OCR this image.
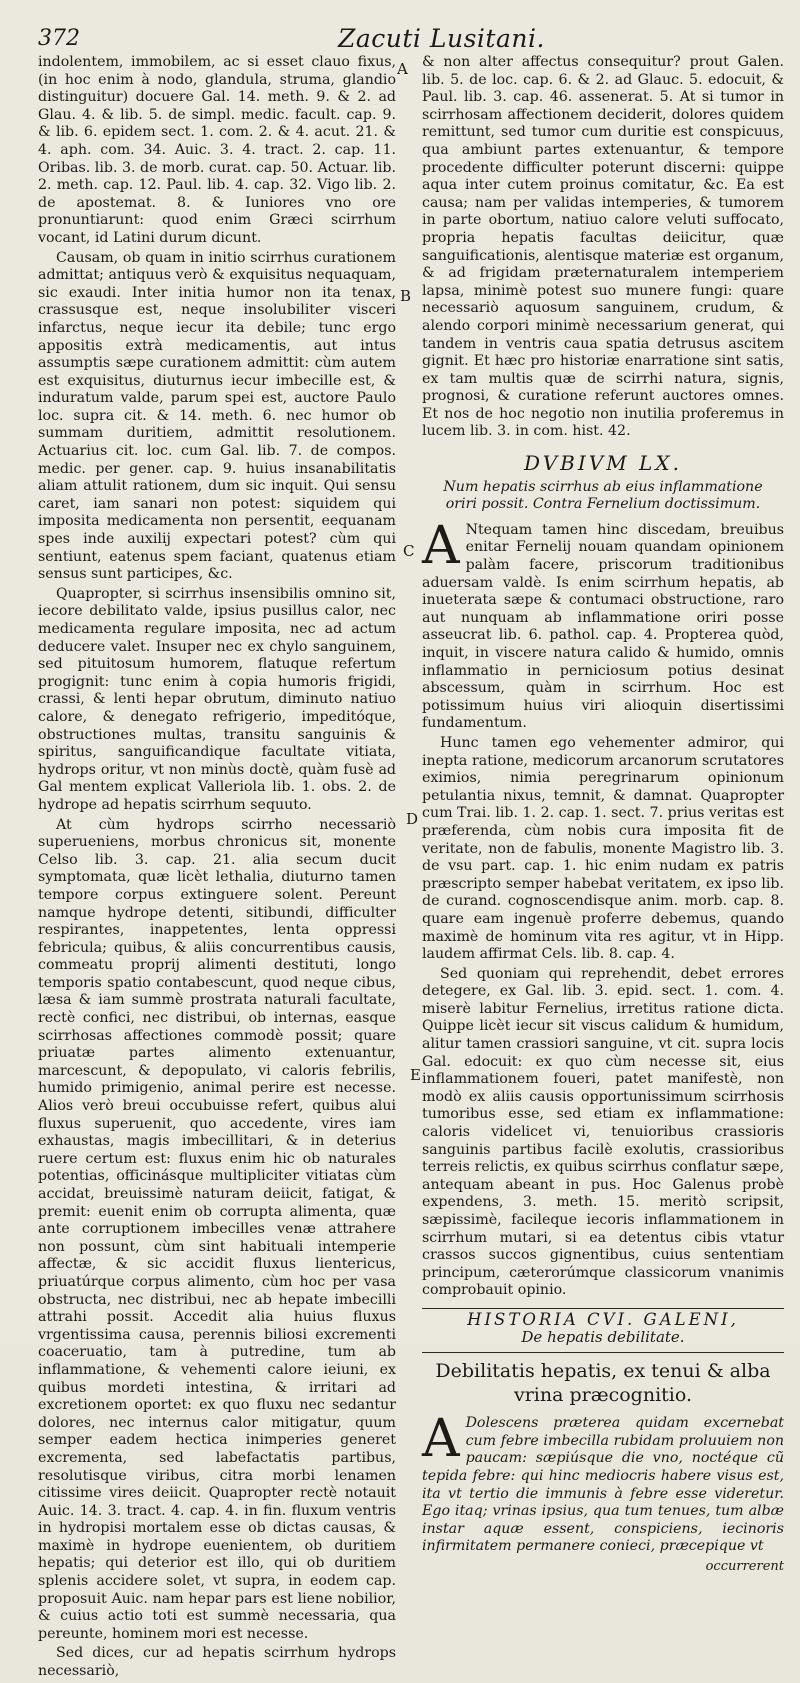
372	Zacuti Lusitani.
A
B
C
D
E

indolentem, immobilem, ac si esset clauo fixus, (in hoc enim à nodo, glandula, struma, glandio distinguitur) docuere Gal. 14. meth. 9. & 2. ad Glau. 4. & lib. 5. de simpl. medic. facult. cap. 9. & lib. 6. epidem sect. 1. com. 2. & 4. acut. 21. & 4. aph. com. 34. Auic. 3. 4. tract. 2. cap. 11. Oribas. lib. 3. de morb. curat. cap. 50. Actuar. lib. 2. meth. cap. 12. Paul. lib. 4. cap. 32. Vigo lib. 2. de apostemat. 8. & Iuniores vno ore pronuntiarunt: quod enim Græci scirrhum vocant, id Latini durum dicunt.

Causam, ob quam in initio scirrhus curationem admittat; antiquus verò & exquisitus nequaquam, sic exaudi. Inter initia humor non ita tenax, crassusque est, neque insolubiliter visceri infarctus, neque iecur ita debile; tunc ergo appositis extrà medicamentis, aut intus assumptis sæpe curationem admittit: cùm autem est exquisitus, diuturnus iecur imbecille est, & induratum valde, parum spei est, auctore Paulo loc. supra cit. & 14. meth. 6. nec humor ob summam duritiem, admittit resolutionem. Actuarius cit. loc. cum Gal. lib. 7. de compos. medic. per gener. cap. 9. huius insanabilitatis aliam attulit rationem, dum sic inquit. Qui sensu caret, iam sanari non potest: siquidem qui imposita medicamenta non persentit, eequanam spes inde auxilij expectari potest? cùm qui sentiunt, eatenus spem faciant, quatenus etiam sensus sunt participes, &c.

Quapropter, si scirrhus insensibilis omnino sit, iecore debilitato valde, ipsius pusillus calor, nec medicamenta regulare imposita, nec ad actum deducere valet. Insuper nec ex chylo sanguinem, sed pituitosum humorem, flatuque refertum progignit: tunc enim à copia humoris frigidi, crassi, & lenti hepar obrutum, diminuto natiuo calore, & denegato refrigerio, impeditóque, obstructiones multas, transitu sanguinis & spiritus, sanguificandique facultate vitiata, hydrops oritur, vt non minùs doctè, quàm fusè ad Gal mentem explicat Valleriola lib. 1. obs. 2. de hydrope ad hepatis scirrhum sequuto.

At cùm hydrops scirrho necessariò superueniens, morbus chronicus sit, monente Celso lib. 3. cap. 21. alia secum ducit symptomata, quæ licèt lethalia, diuturno tamen tempore corpus extinguere solent. Pereunt namque hydrope detenti, sitibundi, difficulter respirantes, inappetentes, lenta oppressi febricula; quibus, & aliis concurrentibus causis, commeatu proprij alimenti destituti, longo temporis spatio contabescunt, quod neque cibus, læsa & iam summè prostrata naturali facultate, rectè confici, nec distribui, ob internas, easque scirrhosas affectiones commodè possit; quare priuatæ partes alimento extenuantur, marcescunt, & depopulato, vi caloris febrilis, humido primigenio, animal perire est necesse. Alios verò breui occubuisse refert, quibus alui fluxus superuenit, quo accedente, vires iam exhaustas, magis imbecillitari, & in deterius ruere certum est: fluxus enim hic ob naturales potentias, officinásque multipliciter vitiatas cùm accidat, breuissimè naturam deiicit, fatigat, & premit: euenit enim ob corrupta alimenta, quæ ante corruptionem imbecilles venæ attrahere non possunt, cùm sint habituali intemperie affectæ, & sic accidit fluxus lientericus, priuatúrque corpus alimento, cùm hoc per vasa obstructa, nec distribui, nec ab hepate imbecilli attrahi possit. Accedit alia huius fluxus vrgentissima causa, perennis biliosi excrementi coaceruatio, tam à putredine, tum ab inflammatione, & vehementi calore ieiuni, ex quibus mordeti intestina, & irritari ad excretionem oportet: ex quo fluxu nec sedantur dolores, nec internus calor mitigatur, quum semper eadem hectica inimperies generet excrementa, sed labefactatis partibus, resolutisque viribus, citra morbi lenamen citissime vires deiicit. Quapropter rectè notauit Auic. 14. 3. tract. 4. cap. 4. in fin. fluxum ventris in hydropisi mortalem esse ob dictas causas, & maximè in hydrope euenientem, ob duritiem hepatis; qui deterior est illo, qui ob duritiem splenis accidere solet, vt supra, in eodem cap. proposuit Auic. nam hepar pars est liene nobilior, & cuius actio toti est summè necessaria, qua pereunte, hominem mori est necesse.

Sed dices, cur ad hepatis scirrhum hydrops necessariò,

& non alter affectus consequitur? prout Galen. lib. 5. de loc. cap. 6. & 2. ad Glauc. 5. edocuit, & Paul. lib. 3. cap. 46. assenerat. 5. At si tumor in scirrhosam affectionem deciderit, dolores quidem remittunt, sed tumor cum duritie est conspicuus, qua ambiunt partes extenuantur, & tempore procedente difficulter poterunt discerni: quippe aqua inter cutem proinus comitatur, &c. Ea est causa; nam per validas intemperies, & tumorem in parte obortum, natiuo calore veluti suffocato, propria hepatis facultas deiicitur, quæ sanguificationis, alentisque materiæ est organum, & ad frigidam præternaturalem intemperiem lapsa, minimè potest suo munere fungi: quare necessariò aquosum sanguinem, crudum, & alendo corpori minimè necessarium generat, qui tandem in ventris caua spatia detrusus ascitem gignit. Et hæc pro historiæ enarratione sint satis, ex tam multis quæ de scirrhi natura, signis, prognosi, & curatione referunt auctores omnes. Et nos de hoc negotio non inutilia proferemus in lucem lib. 3. in com. hist. 42.

DVBIVM LX.

Num hepatis scirrhus ab eius inflammatione oriri possit. Contra Fernelium doctissimum.

A Ntequam tamen hinc discedam, breuibus enitar Fernelij nouam quandam opinionem palàm facere, priscorum traditionibus aduersam valdè. Is enim scirrhum hepatis, ab inueterata sæpe & contumaci obstructione, raro aut nunquam ab inflammatione oriri posse asseucrat lib. 6. pathol. cap. 4. Propterea quòd, inquit, in viscere natura calido & humido, omnis inflammatio in perniciosum potius desinat abscessum, quàm in scirrhum. Hoc est potissimum huius viri alioquin disertissimi fundamentum.

Hunc tamen ego vehementer admiror, qui inepta ratione, medicorum arcanorum scrutatores eximios, nimia peregrinarum opinionum petulantia nixus, temnit, & damnat. Quapropter cum Trai. lib. 1. 2. cap. 1. sect. 7. prius veritas est præferenda, cùm nobis cura imposita fit de veritate, non de fabulis, monente Magistro lib. 3. de vsu part. cap. 1. hic enim nudam ex patris præscripto semper habebat veritatem, ex ipso lib. de curand. cognoscendisque anim. morb. cap. 8. quare eam ingenuè proferre debemus, quando maximè de hominum vita res agitur, vt in Hipp. laudem affirmat Cels. lib. 8. cap. 4.

Sed quoniam qui reprehendit, debet errores detegere, ex Gal. lib. 3. epid. sect. 1. com. 4. miserè labitur Fernelius, irretitus ratione dicta. Quippe licèt iecur sit viscus calidum & humidum, alitur tamen crassiori sanguine, vt cit. supra locis Gal. edocuit: ex quo cùm necesse sit, eius inflammationem foueri, patet manifestè, non modò ex aliis causis opportunissimum scirrhosis tumoribus esse, sed etiam ex inflammatione: caloris videlicet vi, tenuioribus crassioris sanguinis partibus facilè exolutis, crassioribus terreis relictis, ex quibus scirrhus conflatur sæpe, antequam abeant in pus. Hoc Galenus probè expendens, 3. meth. 15. meritò scripsit, sæpissimè, facileque iecoris inflammationem in scirrhum mutari, si ea detentus cibis vtatur crassos succos gignentibus, cuius sententiam principum, cæterorúmque classicorum vnanimis comprobauit opinio.

HISTORIA CVI. GALENI,
De hepatis debilitate.
Debilitatis hepatis, ex tenui & alba vrina præcognitio.

A Dolescens præterea quidam excernebat cum febre imbecilla rubidam proluuiem non paucam: sæpiúsque die vno, noctéque cũ tepida febre: qui hinc mediocris habere visus est, ita vt tertio die immunis à febre esse videretur. Ego itaq; vrinas ipsius, qua tum tenues, tum albæ instar aquæ essent, conspiciens, iecinoris infirmitatem permanere conieci, præcepique vt

occurrerent
